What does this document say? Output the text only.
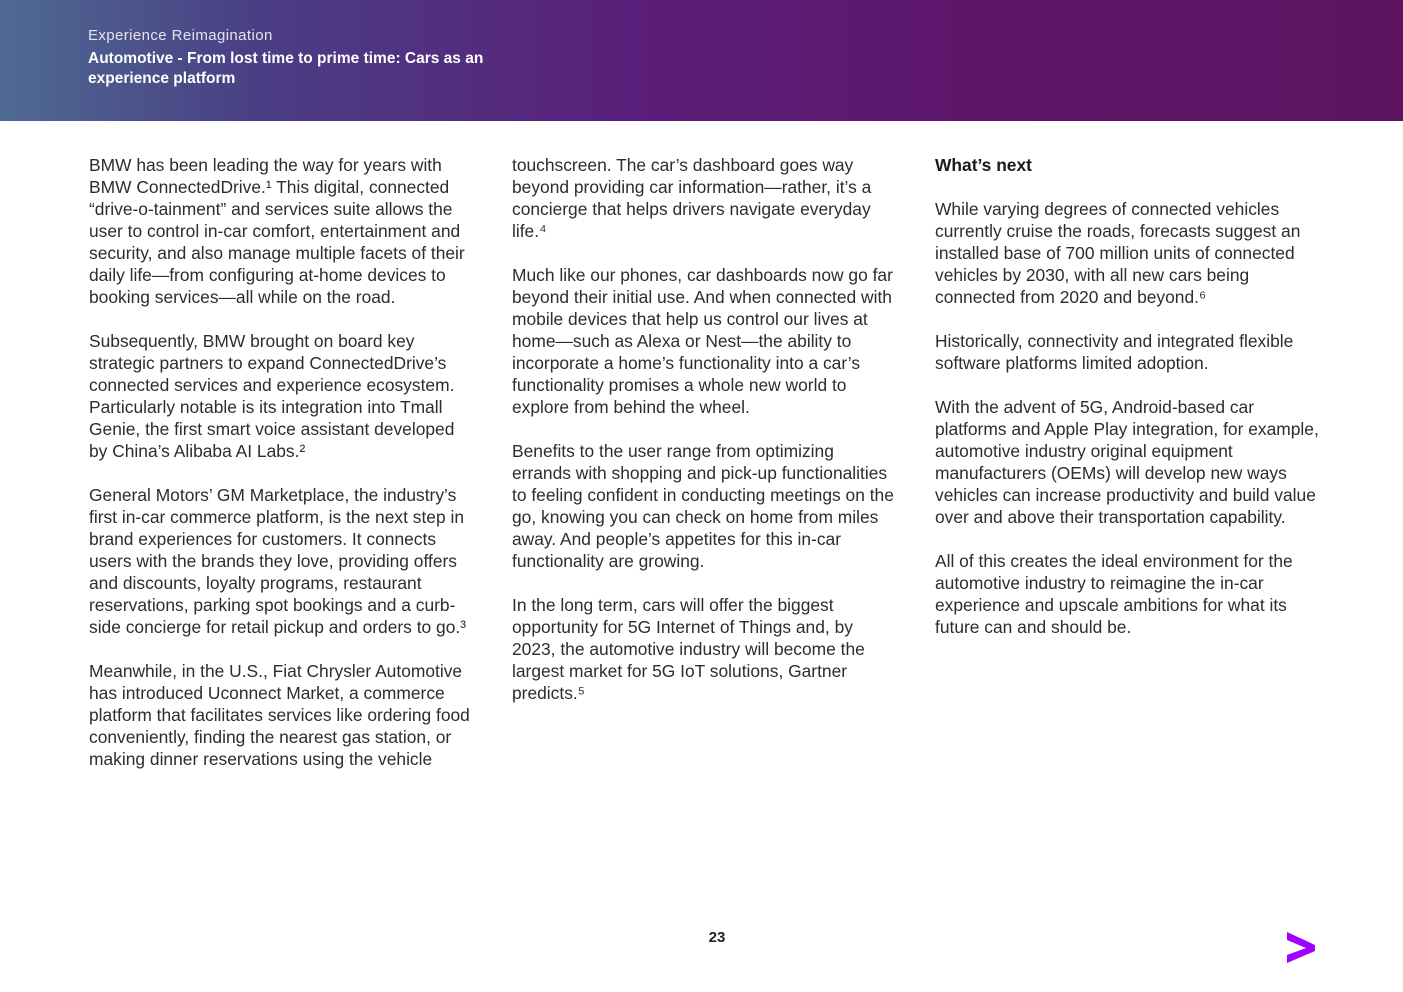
Experience Reimagination
Automotive - From lost time to prime time: Cars as an experience platform

BMW has been leading the way for years with BMW ConnectedDrive.¹ This digital, connected “drive-o-tainment” and services suite allows the user to control in-car comfort, entertainment and security, and also manage multiple facets of their daily life—from configuring at-home devices to booking services—all while on the road.

Subsequently, BMW brought on board key strategic partners to expand ConnectedDrive’s connected services and experience ecosystem. Particularly notable is its integration into Tmall Genie, the first smart voice assistant developed by China’s Alibaba AI Labs.²

General Motors’ GM Marketplace, the industry’s first in-car commerce platform, is the next step in brand experiences for customers. It connects users with the brands they love, providing offers and discounts, loyalty programs, restaurant reservations, parking spot bookings and a curb-side concierge for retail pickup and orders to go.³

Meanwhile, in the U.S., Fiat Chrysler Automotive has introduced Uconnect Market, a commerce platform that facilitates services like ordering food conveniently, finding the nearest gas station, or making dinner reservations using the vehicle

touchscreen. The car’s dashboard goes way beyond providing car information—rather, it’s a concierge that helps drivers navigate everyday life.⁴

Much like our phones, car dashboards now go far beyond their initial use. And when connected with mobile devices that help us control our lives at home—such as Alexa or Nest—the ability to incorporate a home’s functionality into a car’s functionality promises a whole new world to explore from behind the wheel.

Benefits to the user range from optimizing errands with shopping and pick-up functionalities to feeling confident in conducting meetings on the go, knowing you can check on home from miles away. And people’s appetites for this in-car functionality are growing.

In the long term, cars will offer the biggest opportunity for 5G Internet of Things and, by 2023, the automotive industry will become the largest market for 5G IoT solutions, Gartner predicts.⁵

What’s next

While varying degrees of connected vehicles currently cruise the roads, forecasts suggest an installed base of 700 million units of connected vehicles by 2030, with all new cars being connected from 2020 and beyond.⁶

Historically, connectivity and integrated flexible software platforms limited adoption.

With the advent of 5G, Android-based car platforms and Apple Play integration, for example, automotive industry original equipment manufacturers (OEMs) will develop new ways vehicles can increase productivity and build value over and above their transportation capability.

All of this creates the ideal environment for the automotive industry to reimagine the in-car experience and upscale ambitions for what its future can and should be.

23
